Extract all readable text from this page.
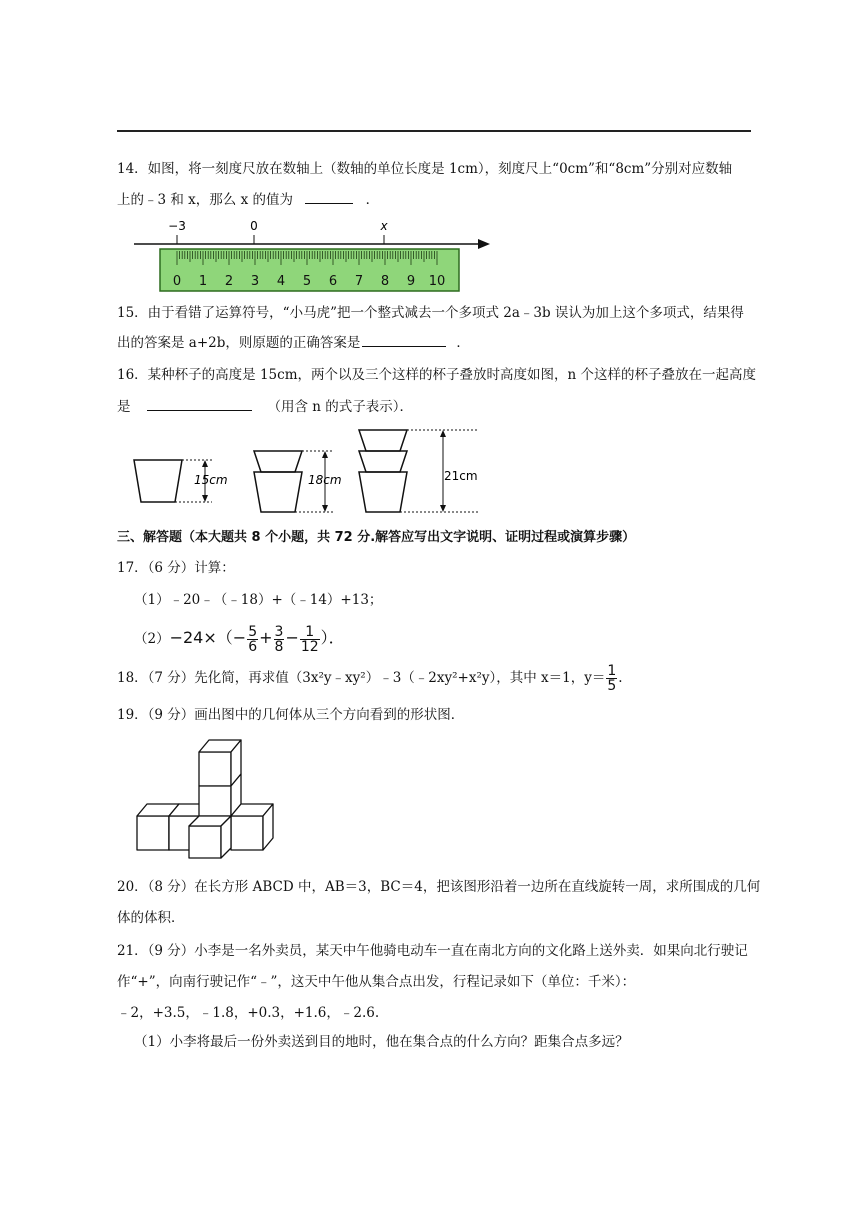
14．如图，将一刻度尺放在数轴上（数轴的单位长度是 1cm），刻度尺上“0cm”和“8cm”分别对应数轴
上的﹣3 和 x，那么 x 的值为	．
−3	0	x
0 1 2 3 4 5 6 7 8 9 10
15．由于看错了运算符号，“小马虎”把一个整式减去一个多项式 2a﹣3b 误认为加上这个多项式，结果得
出的答案是 a+2b，则原题的正确答案是	．
16．某种杯子的高度是 15cm，两个以及三个这样的杯子叠放时高度如图，n 个这样的杯子叠放在一起高度
是	（用含 n 的式子表示）．
15cm	18cm	21cm
三、解答题（本大题共 8 个小题，共 72 分.解答应写出文字说明、证明过程或演算步骤）
17．（6 分）计算：
（1）﹣20﹣（﹣18）+（﹣14）+13；
$(2)-24\times(- \frac{5}{6} + \frac{3}{8} - \frac{1}{12}$ ）．
18．（7 分）先化简，再求值（3x²y﹣xy²）﹣3（﹣2xy²+x²y），其中 x＝1，$y= \frac{1}{5}$ .
19．（9 分）画出图中的几何体从三个方向看到的形状图．
20．（8 分）在长方形 ABCD 中，AB＝3，BC＝4，把该图形沿着一边所在直线旋转一周，求所围成的几何
体的体积．
21．（9 分）小李是一名外卖员，某天中午他骑电动车一直在南北方向的文化路上送外卖．如果向北行驶记
作“+”，向南行驶记作“﹣”，这天中午他从集合点出发，行程记录如下（单位：千米）：
﹣2，+3.5，﹣1.8，+0.3，+1.6，﹣2.6.
（1）小李将最后一份外卖送到目的地时，他在集合点的什么方向？距集合点多远？
